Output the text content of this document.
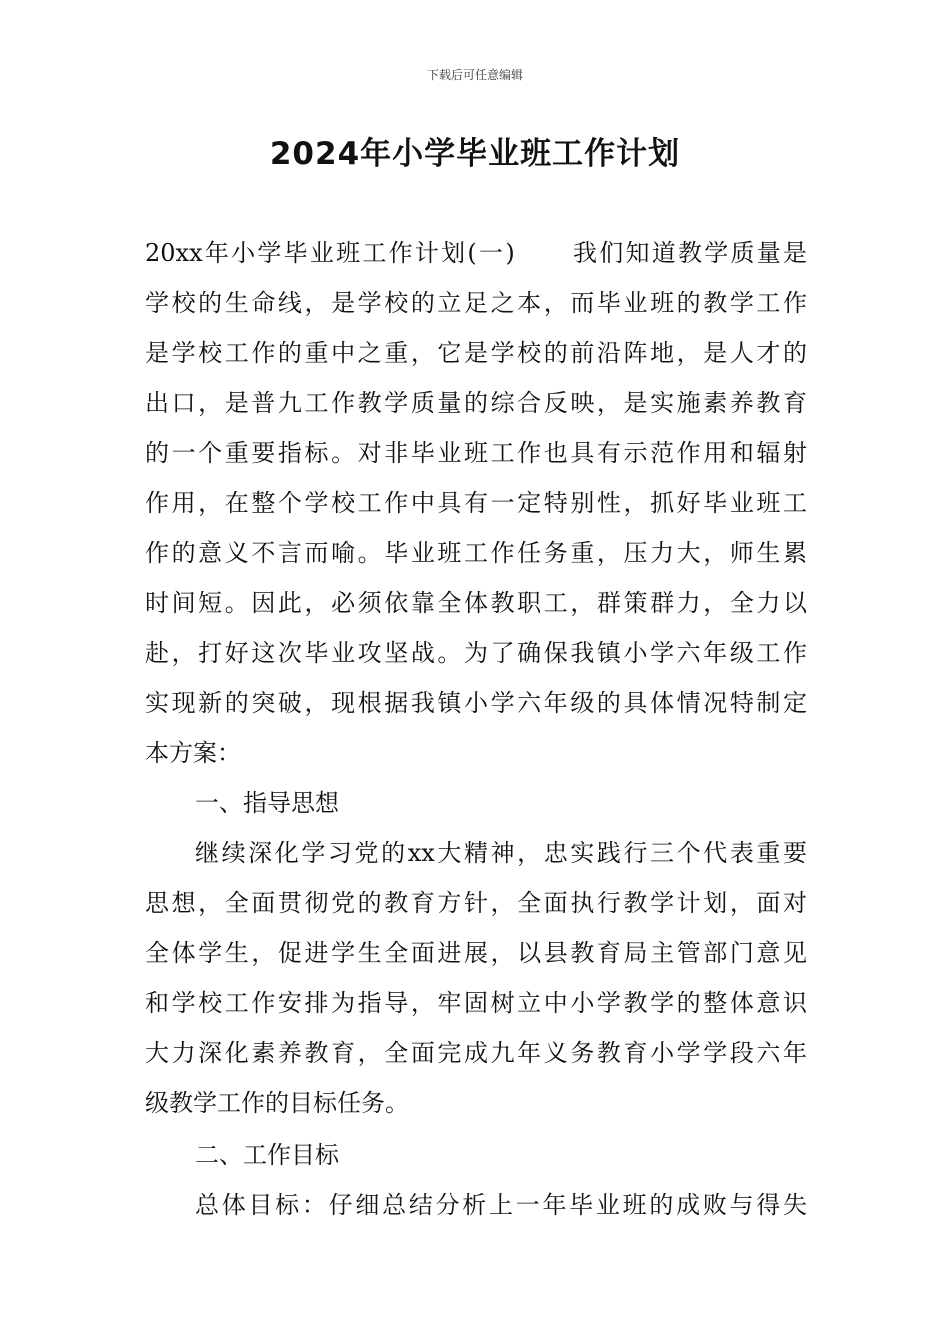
下载后可任意编辑
2024年小学毕业班工作计划
20xx年小学毕业班工作计划(一) 我们知道教学质量是
学校的生命线，是学校的立足之本，而毕业班的教学工作
是学校工作的重中之重，它是学校的前沿阵地，是人才的
出口，是普九工作教学质量的综合反映，是实施素养教育
的一个重要指标。对非毕业班工作也具有示范作用和辐射
作用，在整个学校工作中具有一定特别性，抓好毕业班工
作的意义不言而喻。毕业班工作任务重，压力大，师生累
时间短。因此，必须依靠全体教职工，群策群力，全力以
赴，打好这次毕业攻坚战。为了确保我镇小学六年级工作
实现新的突破，现根据我镇小学六年级的具体情况特制定
本方案：
一、指导思想
继续深化学习党的xx大精神，忠实践行三个代表重要
思想，全面贯彻党的教育方针，全面执行教学计划，面对
全体学生，促进学生全面进展，以县教育局主管部门意见
和学校工作安排为指导，牢固树立中小学教学的整体意识
大力深化素养教育，全面完成九年义务教育小学学段六年
级教学工作的目标任务。
二、工作目标
总体目标：仔细总结分析上一年毕业班的成败与得失
